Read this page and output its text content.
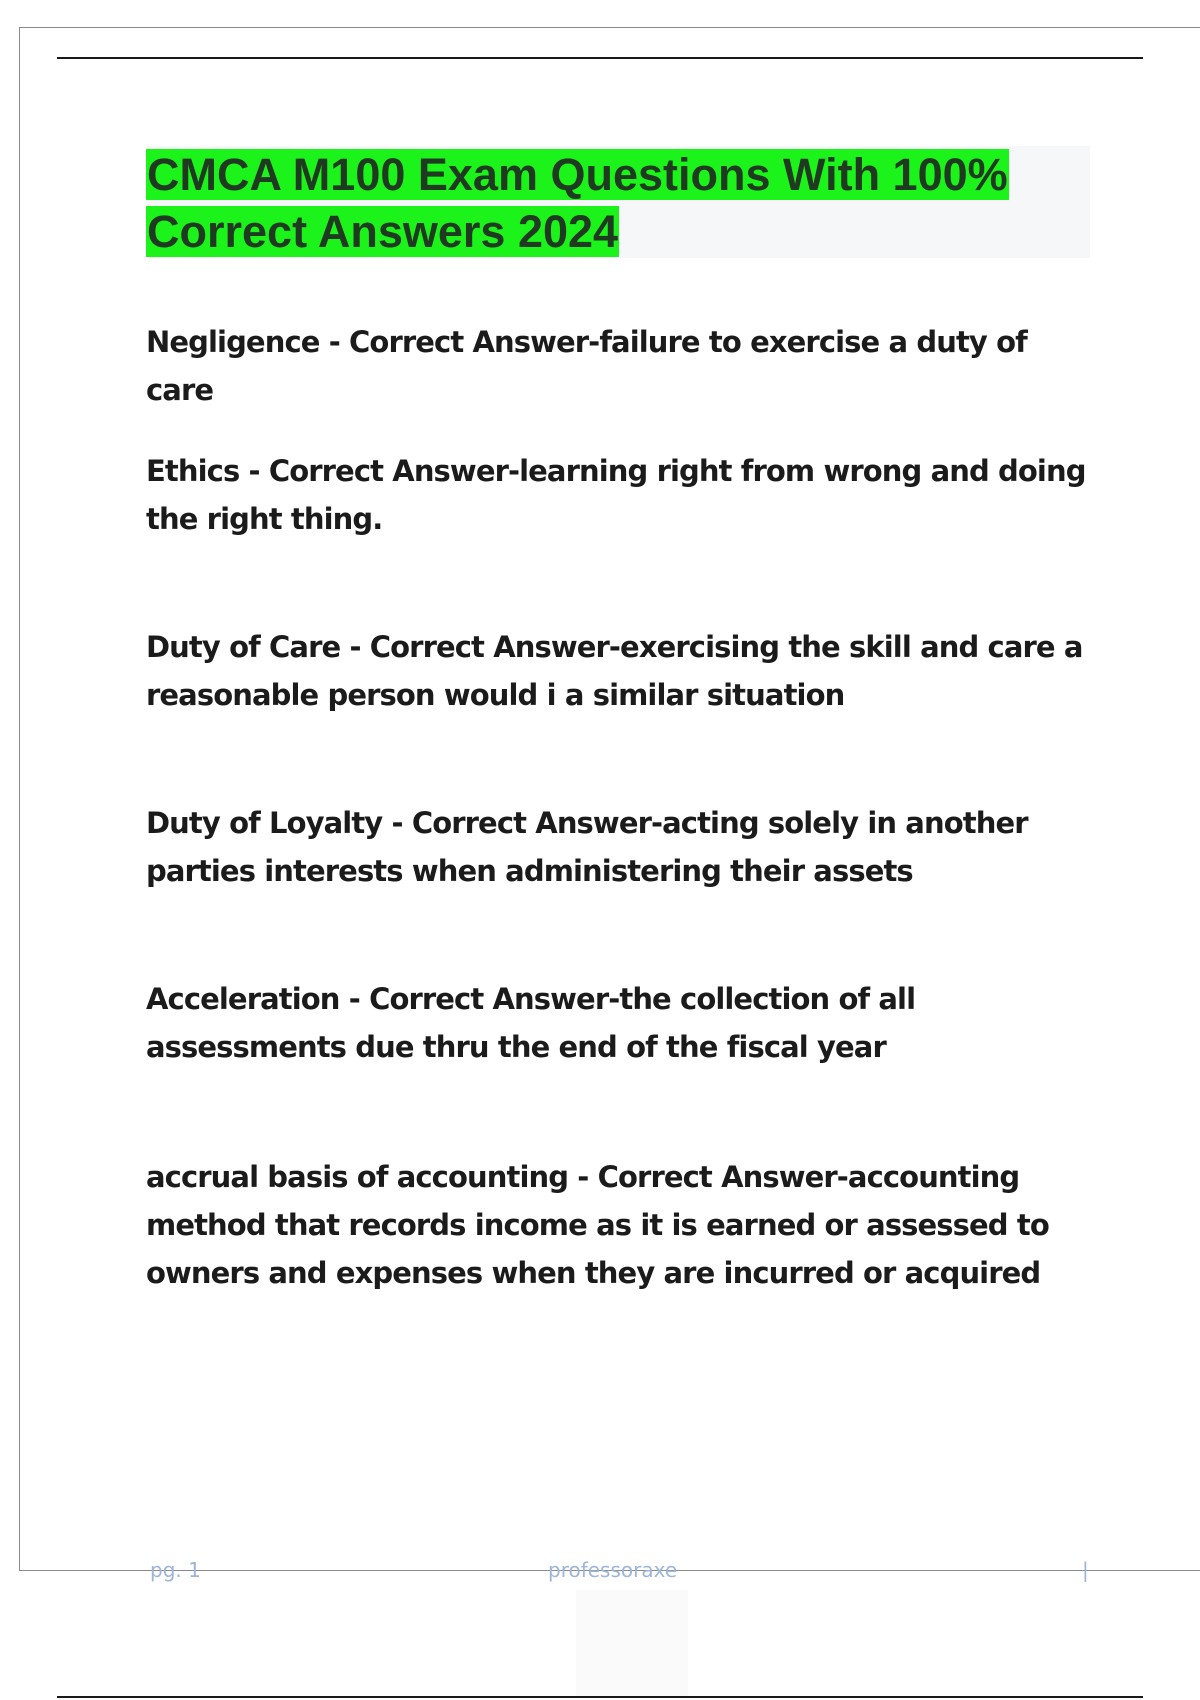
CMCA M100 Exam Questions With 100% Correct Answers 2024

Negligence - Correct Answer-failure to exercise a duty of care

Ethics - Correct Answer-learning right from wrong and doing the right thing.

Duty of Care - Correct Answer-exercising the skill and care a reasonable person would i a similar situation

Duty of Loyalty - Correct Answer-acting solely in another parties interests when administering their assets

Acceleration - Correct Answer-the collection of all assessments due thru the end of the fiscal year

accrual basis of accounting - Correct Answer-accounting method that records income as it is earned or assessed to owners and expenses when they are incurred or acquired

pg. 1	professoraxe	|
